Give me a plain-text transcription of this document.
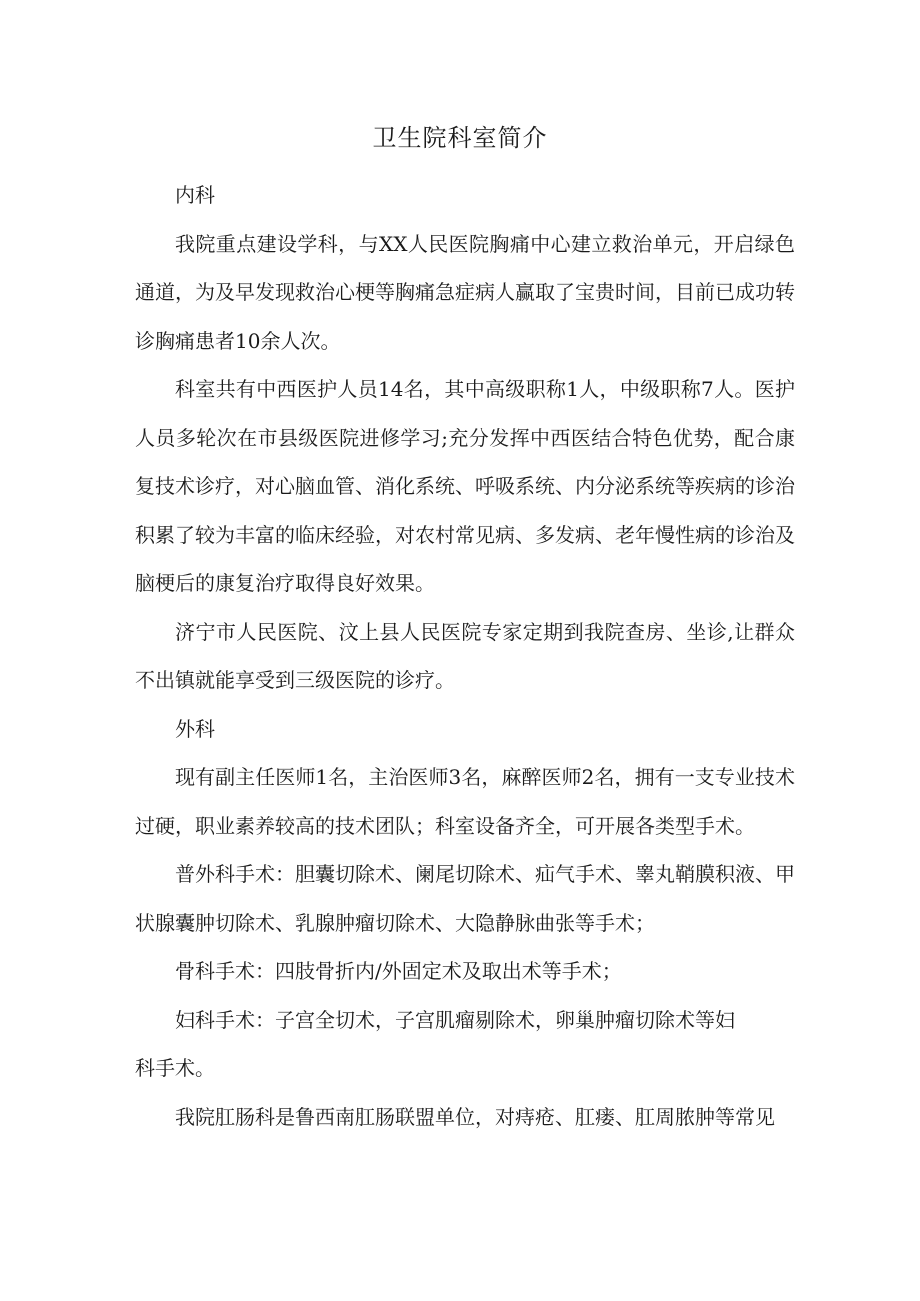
卫生院科室简介

内科

我院重点建设学科，与XX人民医院胸痛中心建立救治单元，开启绿色通道，为及早发现救治心梗等胸痛急症病人赢取了宝贵时间，目前已成功转诊胸痛患者10余人次。

科室共有中西医护人员14名，其中高级职称1人，中级职称7人。医护人员多轮次在市县级医院进修学习;充分发挥中西医结合特色优势，配合康复技术诊疗，对心脑血管、消化系统、呼吸系统、内分泌系统等疾病的诊治积累了较为丰富的临床经验，对农村常见病、多发病、老年慢性病的诊治及脑梗后的康复治疗取得良好效果。

济宁市人民医院、汶上县人民医院专家定期到我院查房、坐诊,让群众不出镇就能享受到三级医院的诊疗。

外科

现有副主任医师1名，主治医师3名，麻醉医师2名，拥有一支专业技术过硬，职业素养较高的技术团队；科室设备齐全，可开展各类型手术。

普外科手术：胆囊切除术、阑尾切除术、疝气手术、睾丸鞘膜积液、甲状腺囊肿切除术、乳腺肿瘤切除术、大隐静脉曲张等手术；

骨科手术：四肢骨折内/外固定术及取出术等手术；

妇科手术：子宫全切术，子宫肌瘤剔除术，卵巢肿瘤切除术等妇

科手术。

我院肛肠科是鲁西南肛肠联盟单位，对痔疮、肛瘘、肛周脓肿等常见
